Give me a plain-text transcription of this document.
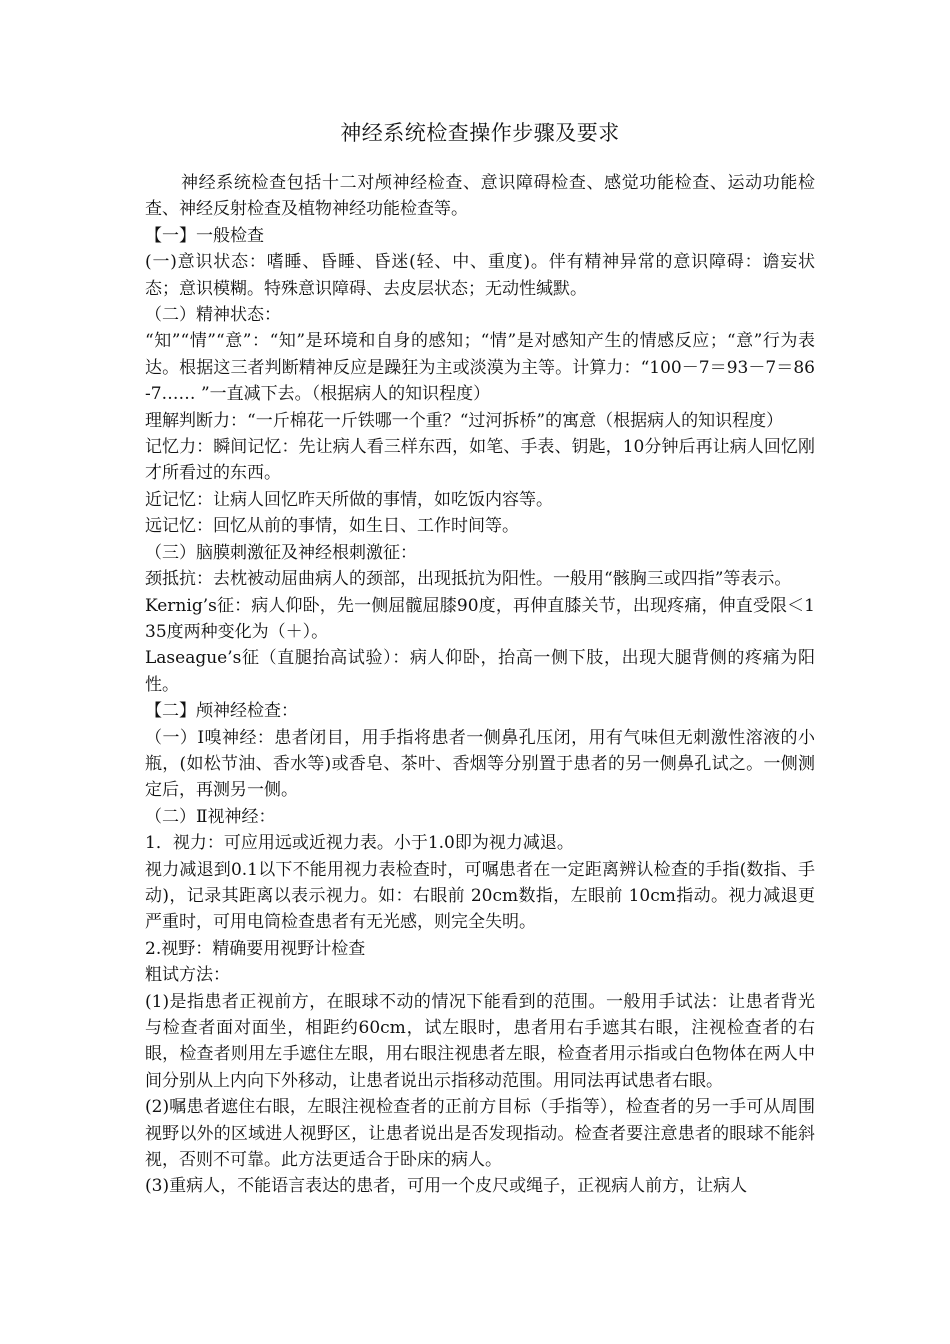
神经系统检查操作步骤及要求

神经系统检查包括十二对颅神经检查、意识障碍检查、感觉功能检查、运动功能检查、神经反射检查及植物神经功能检查等。

【一】一般检查

(一)意识状态：嗜睡、昏睡、昏迷(轻、中、重度)。伴有精神异常的意识障碍：谵妄状态；意识模糊。特殊意识障碍、去皮层状态；无动性缄默。

（二）精神状态：

“知”“情”“意”：“知”是环境和自身的感知；“情”是对感知产生的情感反应；“意”行为表达。根据这三者判断精神反应是躁狂为主或淡漠为主等。计算力：“100－7＝93－7＝86-7…… ”一直减下去。（根据病人的知识程度）

理解判断力：“一斤棉花一斤铁哪一个重？“过河拆桥”的寓意（根据病人的知识程度）

记忆力：瞬间记忆：先让病人看三样东西，如笔、手表、钥匙，10分钟后再让病人回忆刚才所看过的东西。

近记忆：让病人回忆昨天所做的事情，如吃饭内容等。

远记忆：回忆从前的事情，如生日、工作时间等。

（三）脑膜刺激征及神经根刺激征：

颈抵抗：去枕被动屈曲病人的颈部，出现抵抗为阳性。一般用“骸胸三或四指”等表示。

Kernig’s征：病人仰卧，先一侧屈髋屈膝90度，再伸直膝关节，出现疼痛，伸直受限＜135度两种变化为（＋）。

Laseague’s征（直腿抬高试验）：病人仰卧，抬高一侧下肢，出现大腿背侧的疼痛为阳性。

【二】颅神经检查：

（一）Ⅰ嗅神经：患者闭目，用手指将患者一侧鼻孔压闭，用有气味但无刺激性溶液的小瓶，(如松节油、香水等)或香皂、茶叶、香烟等分别置于患者的另一侧鼻孔试之。一侧测定后，再测另一侧。

（二）Ⅱ视神经：

1．视力：可应用远或近视力表。小于1.0即为视力减退。

视力减退到0.1以下不能用视力表检查时，可嘱患者在一定距离辨认检查的手指(数指、手动)，记录其距离以表示视力。如：右眼前 20cm数指，左眼前 10cm指动。视力减退更严重时，可用电筒检查患者有无光感，则完全失明。

2.视野：精确要用视野计检查

粗试方法：

(1)是指患者正视前方，在眼球不动的情况下能看到的范围。一般用手试法：让患者背光与检查者面对面坐，相距约60cm，试左眼时，患者用右手遮其右眼，注视检查者的右眼，检查者则用左手遮住左眼，用右眼注视患者左眼，检查者用示指或白色物体在两人中间分别从上内向下外移动，让患者说出示指移动范围。用同法再试患者右眼。

(2)嘱患者遮住右眼，左眼注视检查者的正前方目标（手指等），检查者的另一手可从周围视野以外的区域进人视野区，让患者说出是否发现指动。检查者要注意患者的眼球不能斜视，否则不可靠。此方法更适合于卧床的病人。

(3)重病人，不能语言表达的患者，可用一个皮尺或绳子，正视病人前方，让病人
